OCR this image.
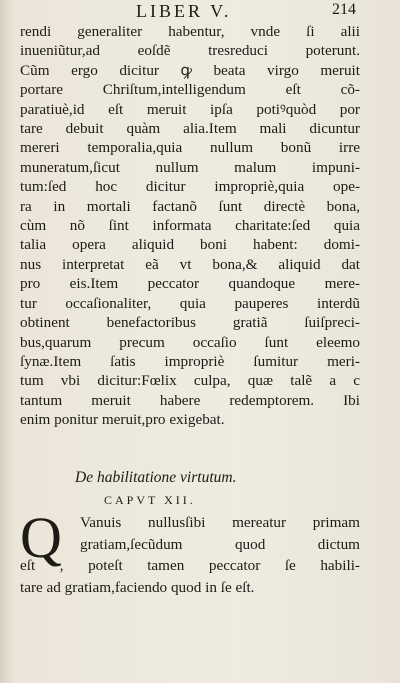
LIBER V.	214
rendi generaliter habentur, vnde ſi alii
inueniũtur,ad eoſdẽ tresreduci poterunt.
Cũm ergo dicitur ꝙ beata virgo meruit
portare Chriſtum,intelligendum eſt cõ-
paratiuè,id eſt meruit ipſa potiꝰquòd por
tare debuit quàm alia.Item mali dicuntur
mereri temporalia,quia nullum bonũ irre
muneratum,ſicut nullum malum impuni-
tum:ſed hoc dicitur impropriè,quia ope-
ra in mortali factanõ ſunt directè bona,
cùm nõ ſint informata charitate:ſed quia
talia opera aliquid boni habent: domi-
nus interpretat eã vt bona,& aliquid dat
pro eis.Item peccator quandoque mere-
tur occaſionaliter, quia pauperes interdũ
obtinent benefactoribus gratiã ſuiſpreci-
bus,quarum precum occaſio ſunt eleemo
ſynæ.Item ſatis impropriè ſumitur meri-
tum vbi dicitur:Fœlix culpa, quæ talẽ a c
tantum meruit habere redemptorem. Ibi
enim ponitur meruit,pro exigebat.
De habilitatione virtutum.
CAPVT XII.
Q	Vanuis nullusſibi mereatur primam
gratiam,ſecũdum quod dictum
eſt , poteſt tamen peccator ſe habili-
tare ad gratiam,faciendo quod in ſe eſt.
